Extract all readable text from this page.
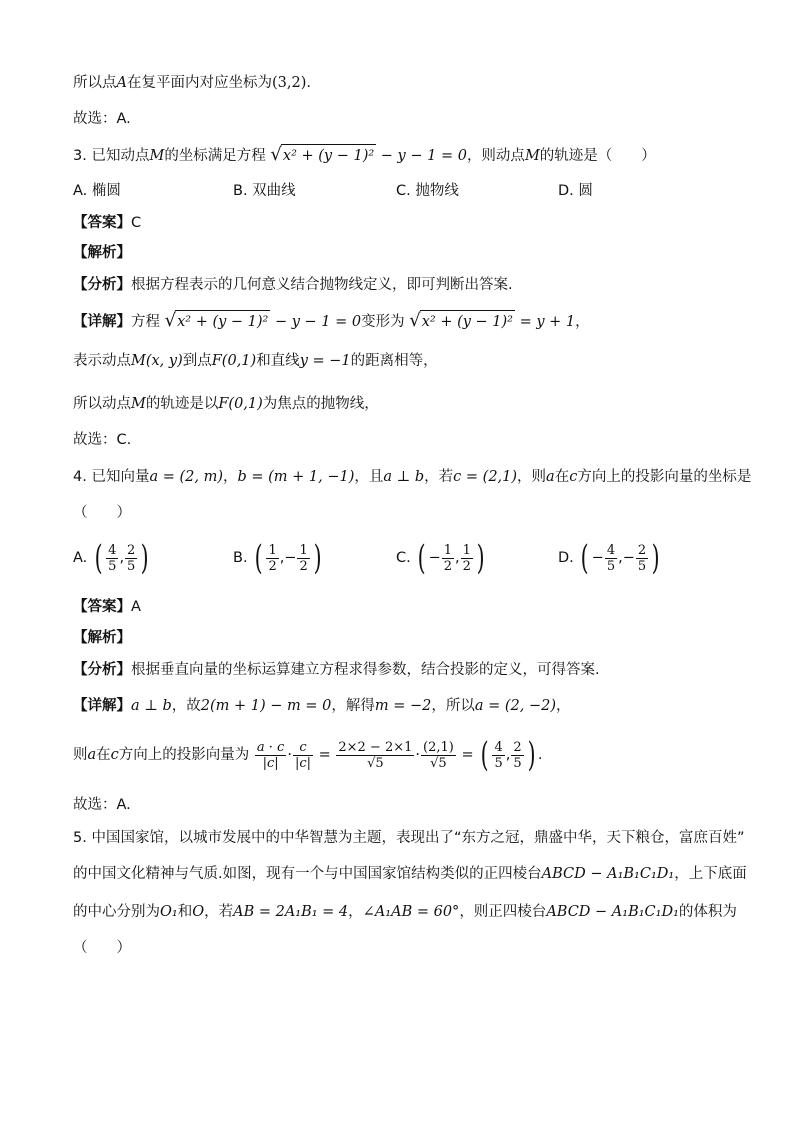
所以点A在复平面内对应坐标为(3,2).
故选：A.
3. 已知动点M的坐标满足方程 √x² + (y − 1)² − y − 1 = 0，则动点M的轨迹是（　　）
A. 椭圆	B. 双曲线	C. 抛物线	D. 圆
【答案】C
【解析】
【分析】根据方程表示的几何意义结合抛物线定义，即可判断出答案.
【详解】方程 √x² + (y − 1)² − y − 1 = 0变形为 √x² + (y − 1)² = y + 1，
表示动点M(x, y)到点F(0,1)和直线y = −1的距离相等，
所以动点M的轨迹是以F(0,1)为焦点的抛物线，
故选：C.
4. 已知向量a = (2, m)，b = (m + 1, −1)，且a ⊥ b，若c = (2,1)，则a在c方向上的投影向量的坐标是
（　　）
A. ( $\frac{4}{5}$ , $\frac{2}{5}$ )	B. ( $\frac{1}{2}$ ,− $\frac{1}{2}$ )	C. ( − $\frac{1}{2}$ , $\frac{1}{2}$ )	D. ( − $\frac{4}{5}$ ,− $\frac{2}{5}$ )
【答案】A
【解析】
【分析】根据垂直向量的坐标运算建立方程求得参数，结合投影的定义，可得答案.
【详解】a ⊥ b，故2(m + 1) − m = 0，解得m = −2，所以a = (2, −2)，
则a在c方向上的投影向量为 $\frac{a \cdot c}{|c|} \cdot \frac{c}{|c|} = \frac{2\times 2 - 2\times 1}{√5} \cdot \frac{(2,1)}{√5}$ = ( $\frac{4}{5}$ , $\frac{2}{5}$ ) .
故选：A.
5. 中国国家馆，以城市发展中的中华智慧为主题，表现出了“东方之冠，鼎盛中华，天下粮仓，富庶百姓”
的中国文化精神与气质.如图，现有一个与中国国家馆结构类似的正四棱台ABCD − A₁B₁C₁D₁，上下底面
的中心分别为O₁和O，若AB = 2A₁B₁ = 4，∠A₁AB = 60°，则正四棱台ABCD − A₁B₁C₁D₁的体积为
（　　）
